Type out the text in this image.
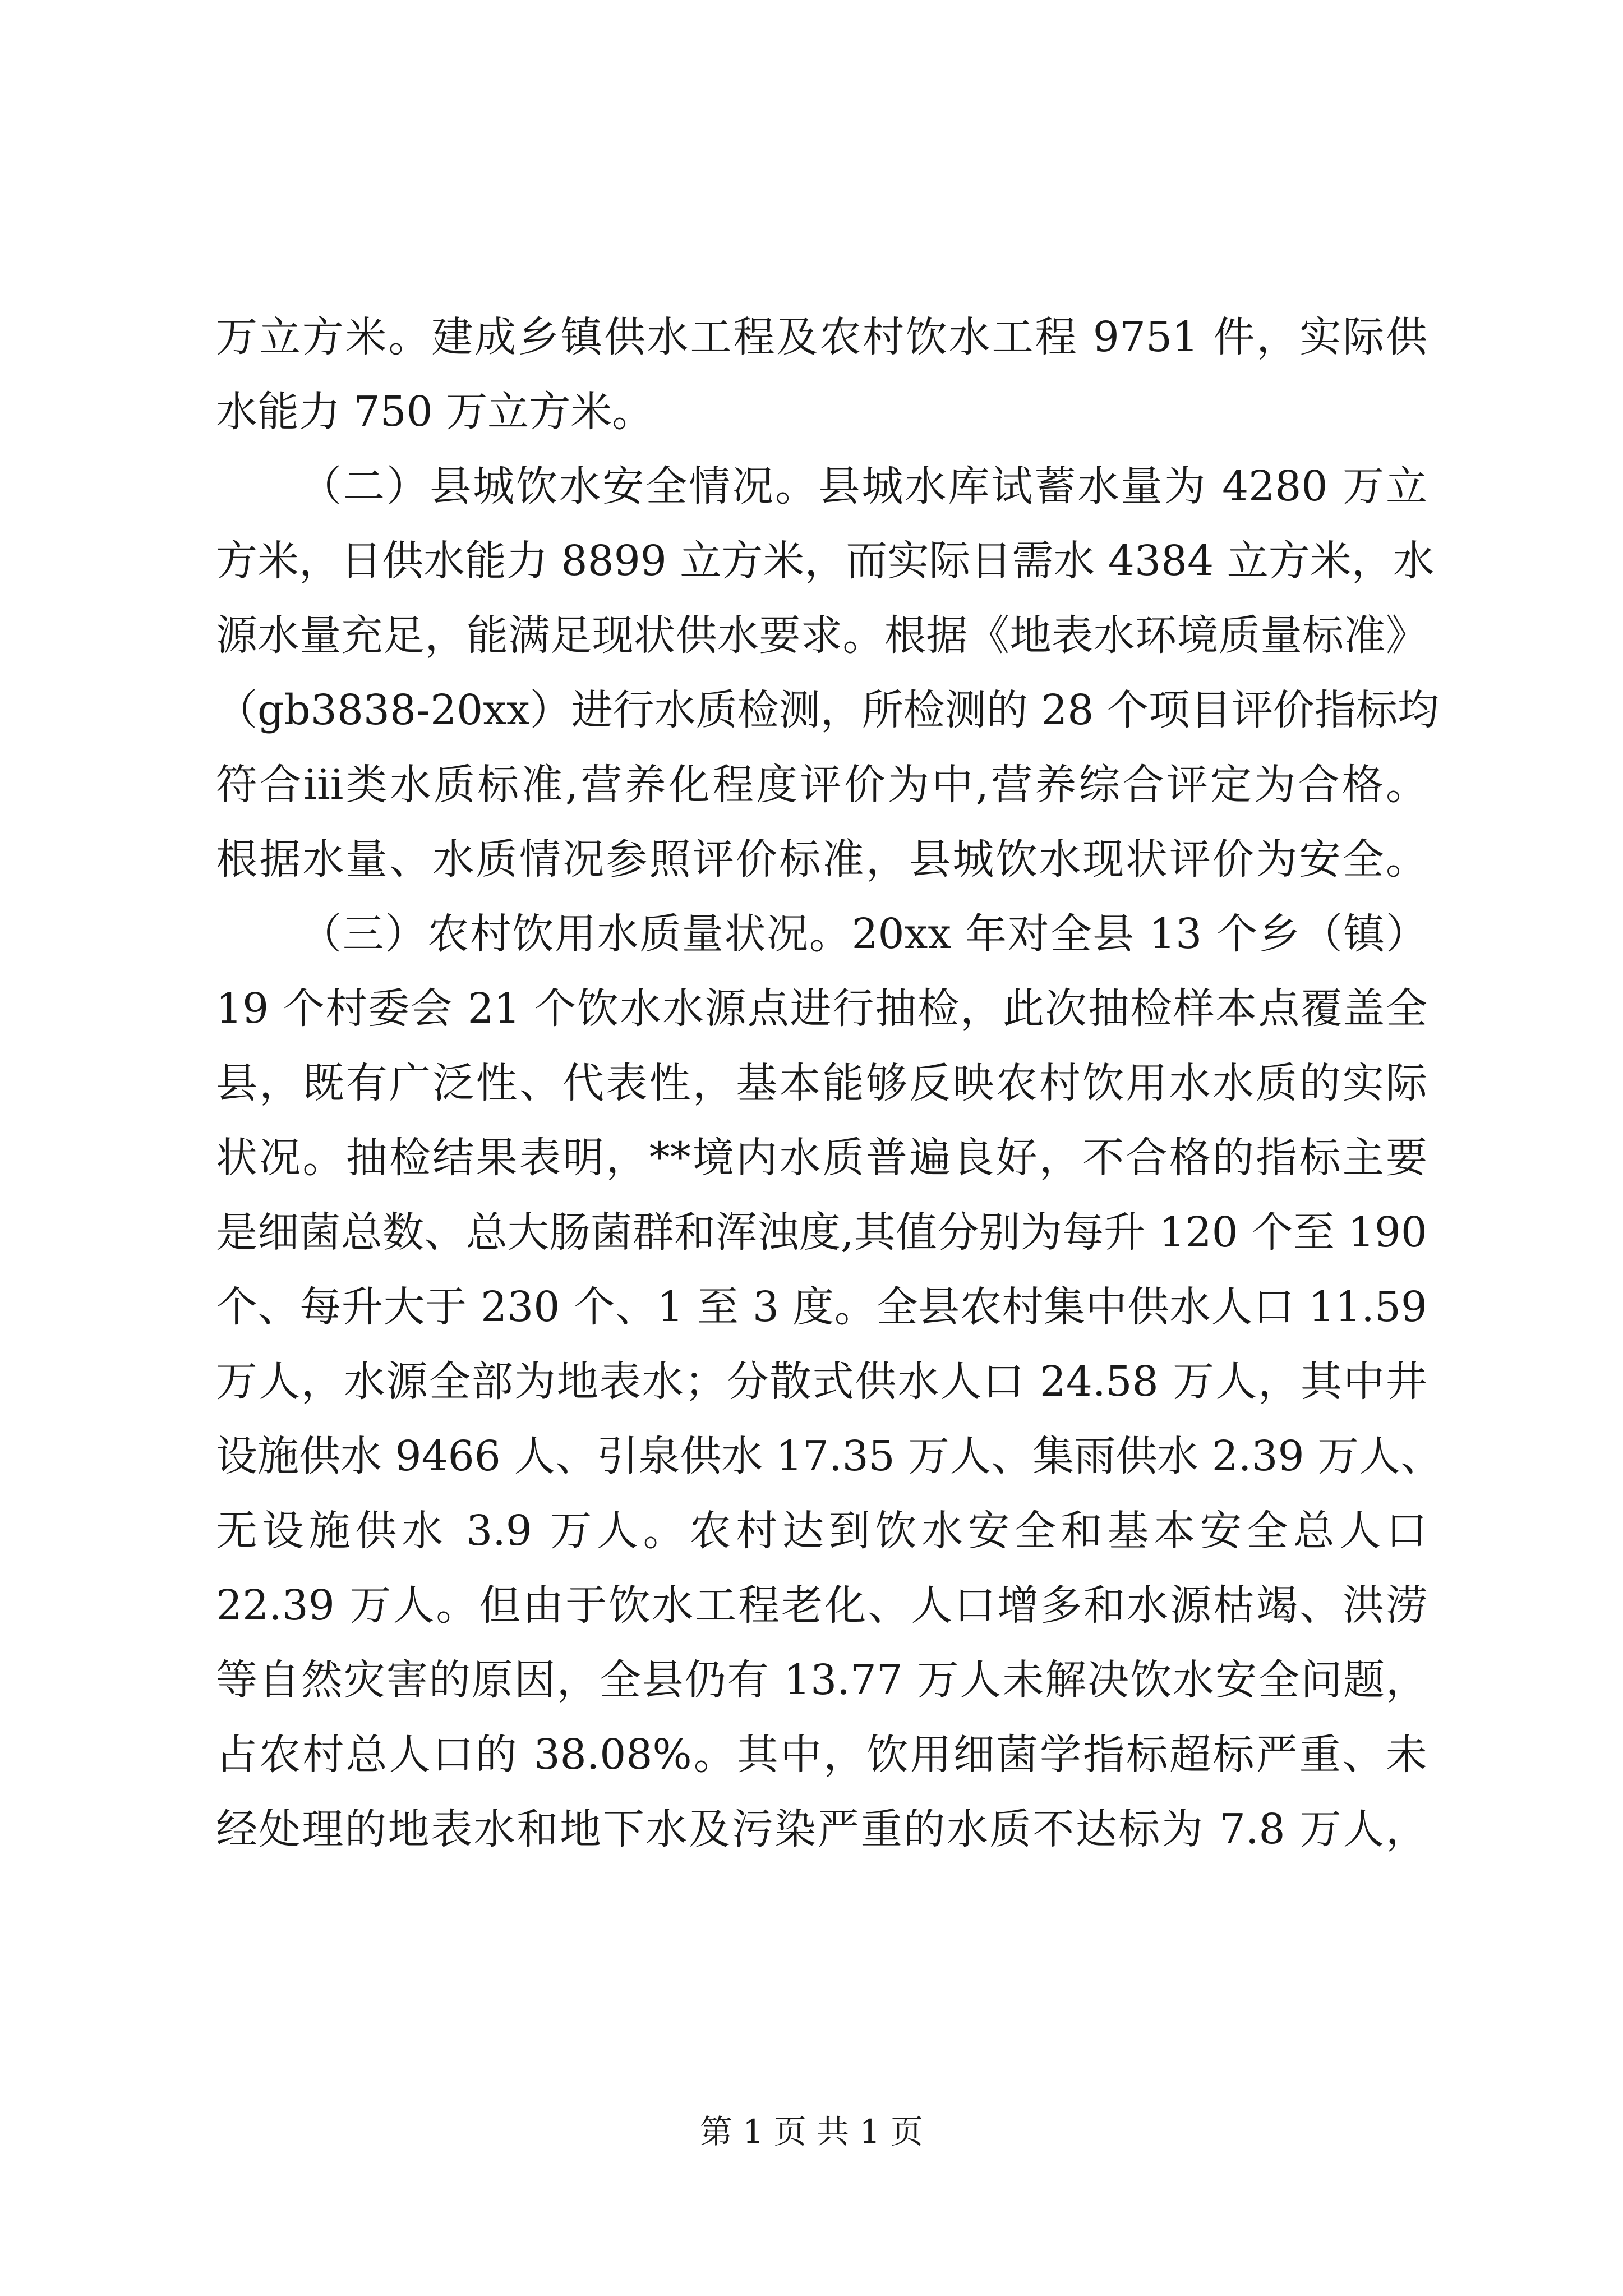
万立方米。建成乡镇供水工程及农村饮水工程 9751 件，实际供
水能力 750 万立方米。
（二）县城饮水安全情况。县城水库试蓄水量为 4280 万立
方米，日供水能力 8899 立方米，而实际日需水 4384 立方米，水
源水量充足，能满足现状供水要求。根据《地表水环境质量标准》
（gb3838-20xx）进行水质检测，所检测的 28 个项目评价指标均
符合iii类水质标准,营养化程度评价为中,营养综合评定为合格。
根据水量、水质情况参照评价标准，县城饮水现状评价为安全。
（三）农村饮用水质量状况。20xx 年对全县 13 个乡（镇）
19 个村委会 21 个饮水水源点进行抽检，此次抽检样本点覆盖全
县，既有广泛性、代表性，基本能够反映农村饮用水水质的实际
状况。抽检结果表明，**境内水质普遍良好，不合格的指标主要
是细菌总数、总大肠菌群和浑浊度,其值分别为每升 120 个至 190
个、每升大于 230 个、1 至 3 度。全县农村集中供水人口 11.59
万人，水源全部为地表水；分散式供水人口 24.58 万人，其中井
设施供水 9466 人、引泉供水 17.35 万人、集雨供水 2.39 万人、
无设施供水 3.9 万人。农村达到饮水安全和基本安全总人口
22.39 万人。但由于饮水工程老化、人口增多和水源枯竭、洪涝
等自然灾害的原因，全县仍有 13.77 万人未解决饮水安全问题，
占农村总人口的 38.08%。其中，饮用细菌学指标超标严重、未
经处理的地表水和地下水及污染严重的水质不达标为 7.8 万人，
第 1 页 共 1 页
